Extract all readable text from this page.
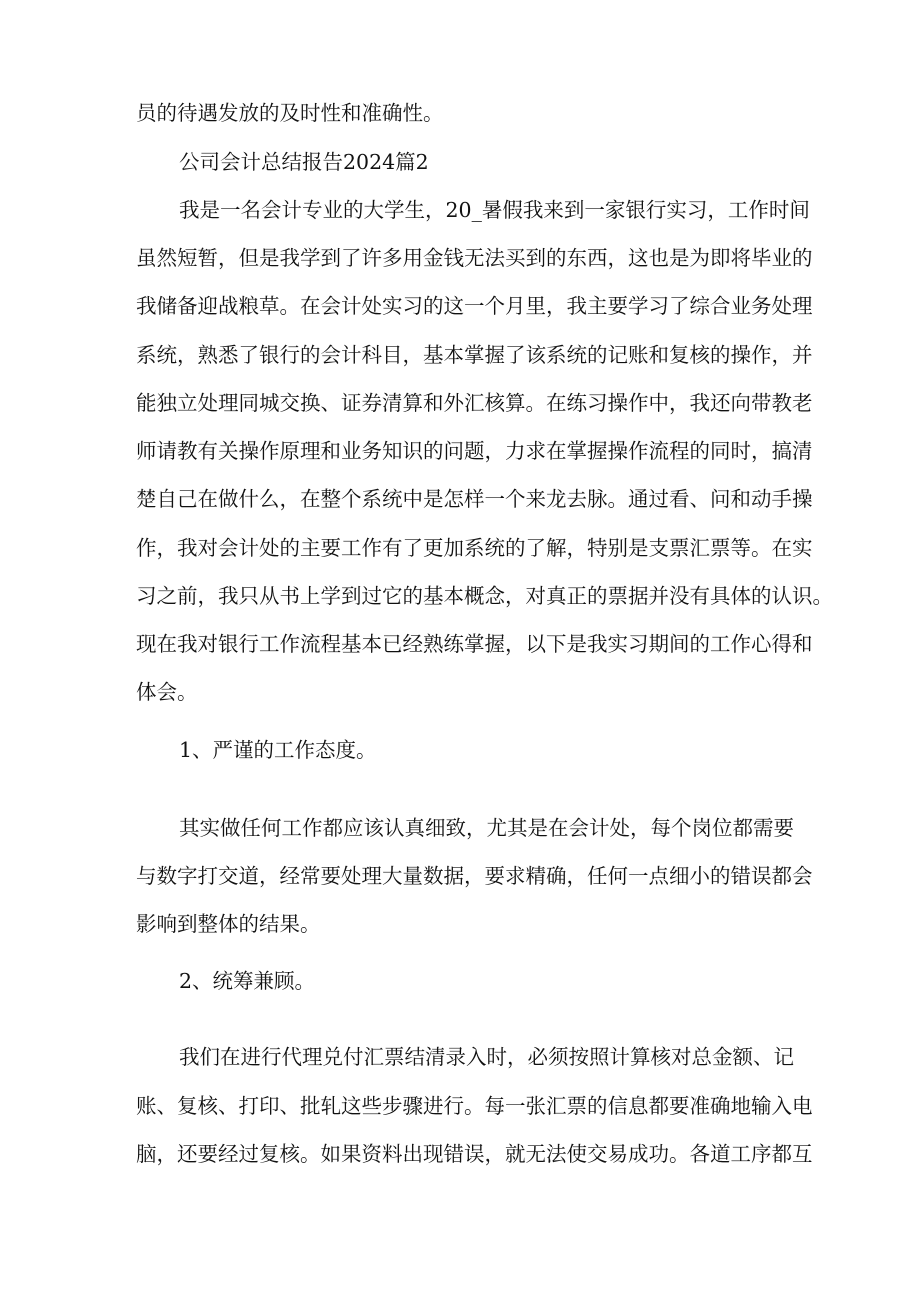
员的待遇发放的及时性和准确性。
公司会计总结报告2024篇2
我是一名会计专业的大学生，20_暑假我来到一家银行实习，工作时间
虽然短暂，但是我学到了许多用金钱无法买到的东西，这也是为即将毕业的
我储备迎战粮草。在会计处实习的这一个月里，我主要学习了综合业务处理
系统，熟悉了银行的会计科目，基本掌握了该系统的记账和复核的操作，并
能独立处理同城交换、证券清算和外汇核算。在练习操作中，我还向带教老
师请教有关操作原理和业务知识的问题，力求在掌握操作流程的同时，搞清
楚自己在做什么，在整个系统中是怎样一个来龙去脉。通过看、问和动手操
作，我对会计处的主要工作有了更加系统的了解，特别是支票汇票等。在实
习之前，我只从书上学到过它的基本概念，对真正的票据并没有具体的认识。
现在我对银行工作流程基本已经熟练掌握，以下是我实习期间的工作心得和
体会。
1、严谨的工作态度。
其实做任何工作都应该认真细致，尤其是在会计处，每个岗位都需要
与数字打交道，经常要处理大量数据，要求精确，任何一点细小的错误都会
影响到整体的结果。
2、统筹兼顾。
我们在进行代理兑付汇票结清录入时，必须按照计算核对总金额、记
账、复核、打印、批轧这些步骤进行。每一张汇票的信息都要准确地输入电
脑，还要经过复核。如果资料出现错误，就无法使交易成功。各道工序都互
